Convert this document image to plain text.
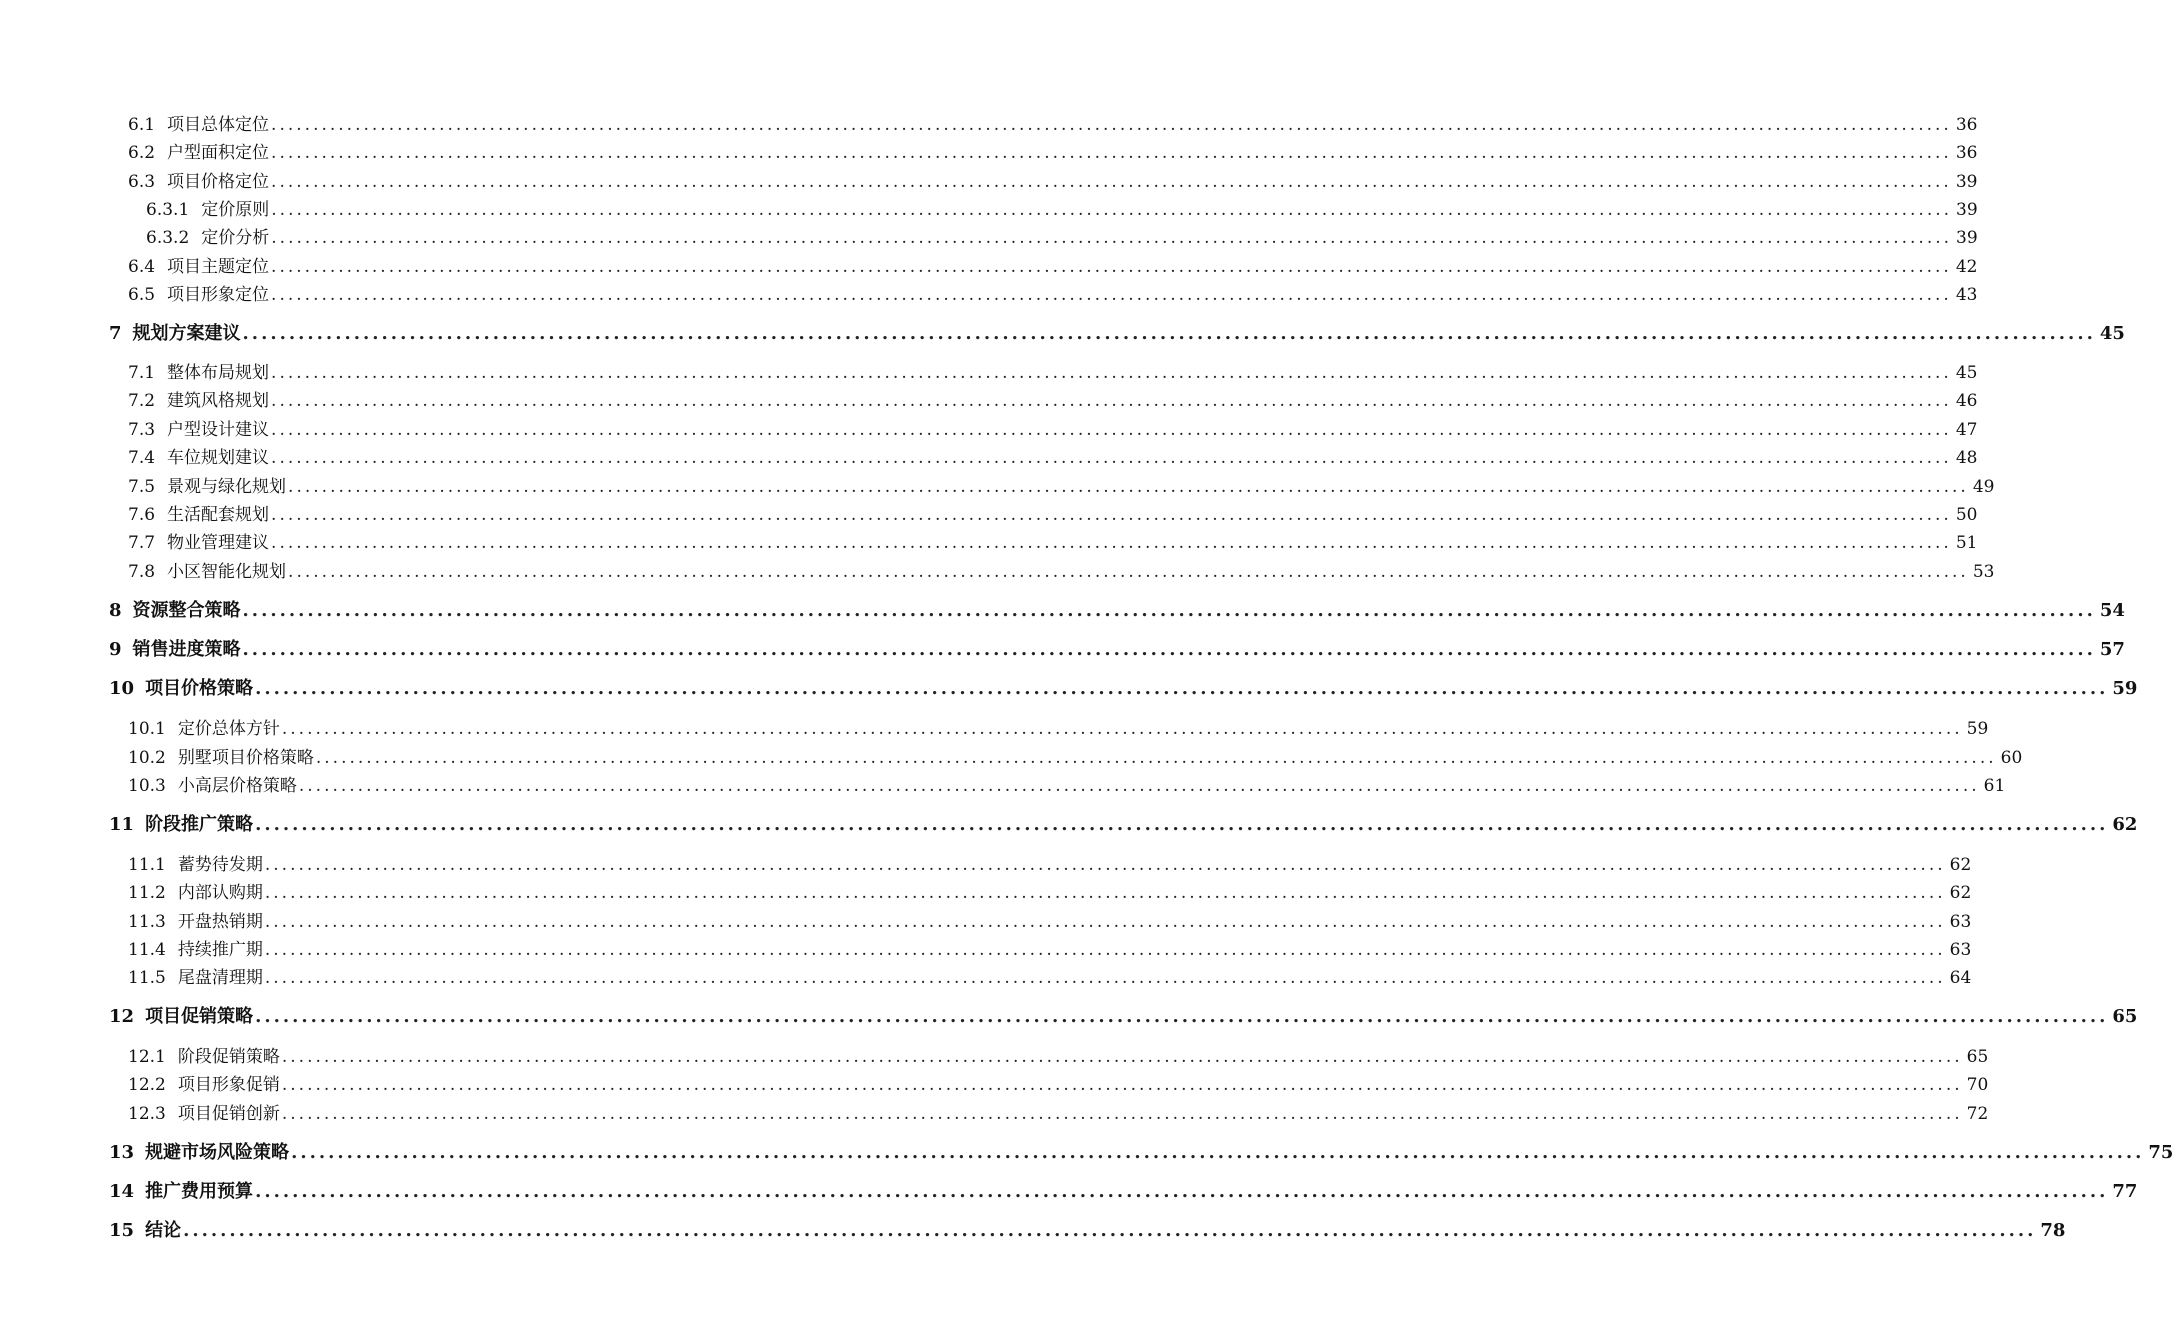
6.1 项目总体定位 ........................................................................................................................................................................................................ 36
6.2 户型面积定位 ........................................................................................................................................................................................................ 36
6.3 项目价格定位 ........................................................................................................................................................................................................ 39
6.3.1 定价原则 ........................................................................................................................................................................................................ 39
6.3.2 定价分析 ........................................................................................................................................................................................................ 39
6.4 项目主题定位 ........................................................................................................................................................................................................ 42
6.5 项目形象定位 ........................................................................................................................................................................................................ 43
7 规划方案建议 ........................................................................................................................................................................................................ 45
7.1 整体布局规划 ........................................................................................................................................................................................................ 45
7.2 建筑风格规划 ........................................................................................................................................................................................................ 46
7.3 户型设计建议 ........................................................................................................................................................................................................ 47
7.4 车位规划建议 ........................................................................................................................................................................................................ 48
7.5 景观与绿化规划 ........................................................................................................................................................................................................ 49
7.6 生活配套规划 ........................................................................................................................................................................................................ 50
7.7 物业管理建议 ........................................................................................................................................................................................................ 51
7.8 小区智能化规划 ........................................................................................................................................................................................................ 53
8 资源整合策略 ........................................................................................................................................................................................................ 54
9 销售进度策略 ........................................................................................................................................................................................................ 57
10 项目价格策略 ........................................................................................................................................................................................................ 59
10.1 定价总体方针 ........................................................................................................................................................................................................ 59
10.2 别墅项目价格策略 ........................................................................................................................................................................................................ 60
10.3 小高层价格策略 ........................................................................................................................................................................................................ 61
11 阶段推广策略 ........................................................................................................................................................................................................ 62
11.1 蓄势待发期 ........................................................................................................................................................................................................ 62
11.2 内部认购期 ........................................................................................................................................................................................................ 62
11.3 开盘热销期 ........................................................................................................................................................................................................ 63
11.4 持续推广期 ........................................................................................................................................................................................................ 63
11.5 尾盘清理期 ........................................................................................................................................................................................................ 64
12 项目促销策略 ........................................................................................................................................................................................................ 65
12.1 阶段促销策略 ........................................................................................................................................................................................................ 65
12.2 项目形象促销 ........................................................................................................................................................................................................ 70
12.3 项目促销创新 ........................................................................................................................................................................................................ 72
13 规避市场风险策略 ........................................................................................................................................................................................................ 75
14 推广费用预算 ........................................................................................................................................................................................................ 77
15 结论 ........................................................................................................................................................................................................ 78
